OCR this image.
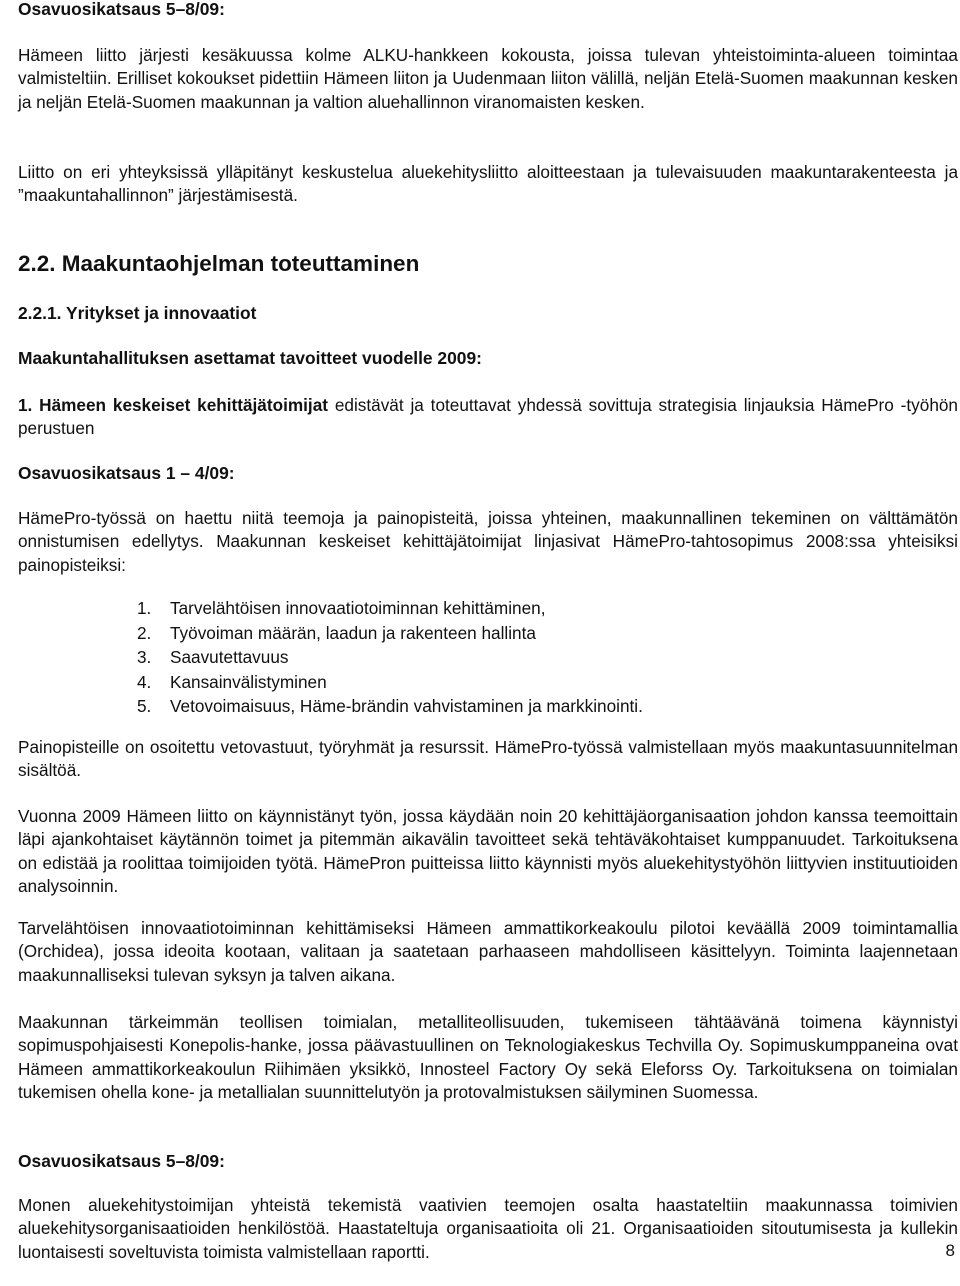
Osavuosikatsaus 5–8/09:

Hämeen liitto järjesti kesäkuussa kolme ALKU-hankkeen kokousta, joissa tulevan yhteistoiminta-alueen toimintaa valmisteltiin. Erilliset kokoukset pidettiin Hämeen liiton ja Uudenmaan liiton välillä, neljän Etelä-Suomen maakunnan kesken ja neljän Etelä-Suomen maakunnan ja valtion aluehallinnon viranomaisten kesken.

Liitto on eri yhteyksissä ylläpitänyt keskustelua aluekehitysliitto aloitteestaan ja tulevaisuuden maakuntarakenteesta ja ”maakuntahallinnon” järjestämisestä.

2.2. Maakuntaohjelman toteuttaminen

2.2.1. Yritykset ja innovaatiot

Maakuntahallituksen asettamat tavoitteet vuodelle 2009:

1. Hämeen keskeiset kehittäjätoimijat edistävät ja toteuttavat yhdessä sovittuja strategisia linjauksia HämePro -työhön perustuen

Osavuosikatsaus 1 – 4/09:

HämePro-työssä on haettu niitä teemoja ja painopisteitä, joissa yhteinen, maakunnallinen tekeminen on välttämätön onnistumisen edellytys. Maakunnan keskeiset kehittäjätoimijat linjasivat HämePro-tahtosopimus 2008:ssa yhteisiksi painopisteiksi:

1. Tarvelähtöisen innovaatiotoiminnan kehittäminen,
2. Työvoiman määrän, laadun ja rakenteen hallinta
3. Saavutettavuus
4. Kansainvälistyminen
5. Vetovoimaisuus, Häme-brändin vahvistaminen ja markkinointi.

Painopisteille on osoitettu vetovastuut, työryhmät ja resurssit. HämePro-työssä valmistellaan myös maakuntasuunnitelman sisältöä.

Vuonna 2009 Hämeen liitto on käynnistänyt työn, jossa käydään noin 20 kehittäjäorganisaation johdon kanssa teemoittain läpi ajankohtaiset käytännön toimet ja pitemmän aikavälin tavoitteet sekä tehtäväkohtaiset kumppanuudet. Tarkoituksena on edistää ja roolittaa toimijoiden työtä. HämePron puitteissa liitto käynnisti myös aluekehitystyöhön liittyvien instituutioiden analysoinnin.

Tarvelähtöisen innovaatiotoiminnan kehittämiseksi Hämeen ammattikorkeakoulu pilotoi keväällä 2009 toimintamallia (Orchidea), jossa ideoita kootaan, valitaan ja saatetaan parhaaseen mahdolliseen käsittelyyn. Toiminta laajennetaan maakunnalliseksi tulevan syksyn ja talven aikana.

Maakunnan tärkeimmän teollisen toimialan, metalliteollisuuden, tukemiseen tähtäävänä toimena käynnistyi sopimuspohjaisesti Konepolis-hanke, jossa päävastuullinen on Teknologiakeskus Techvilla Oy. Sopimuskumppaneina ovat Hämeen ammattikorkeakoulun Riihimäen yksikkö, Innosteel Factory Oy sekä Eleforss Oy. Tarkoituksena on toimialan tukemisen ohella kone- ja metallialan suunnittelutyön ja protovalmistuksen säilyminen Suomessa.

Osavuosikatsaus 5–8/09:

Monen aluekehitystoimijan yhteistä tekemistä vaativien teemojen osalta haastateltiin maakunnassa toimivien aluekehitysorganisaatioiden henkilöstöä. Haastateltuja organisaatioita oli 21. Organisaatioiden sitoutumisesta ja kullekin luontaisesti soveltuvista toimista valmistellaan raportti.	8
